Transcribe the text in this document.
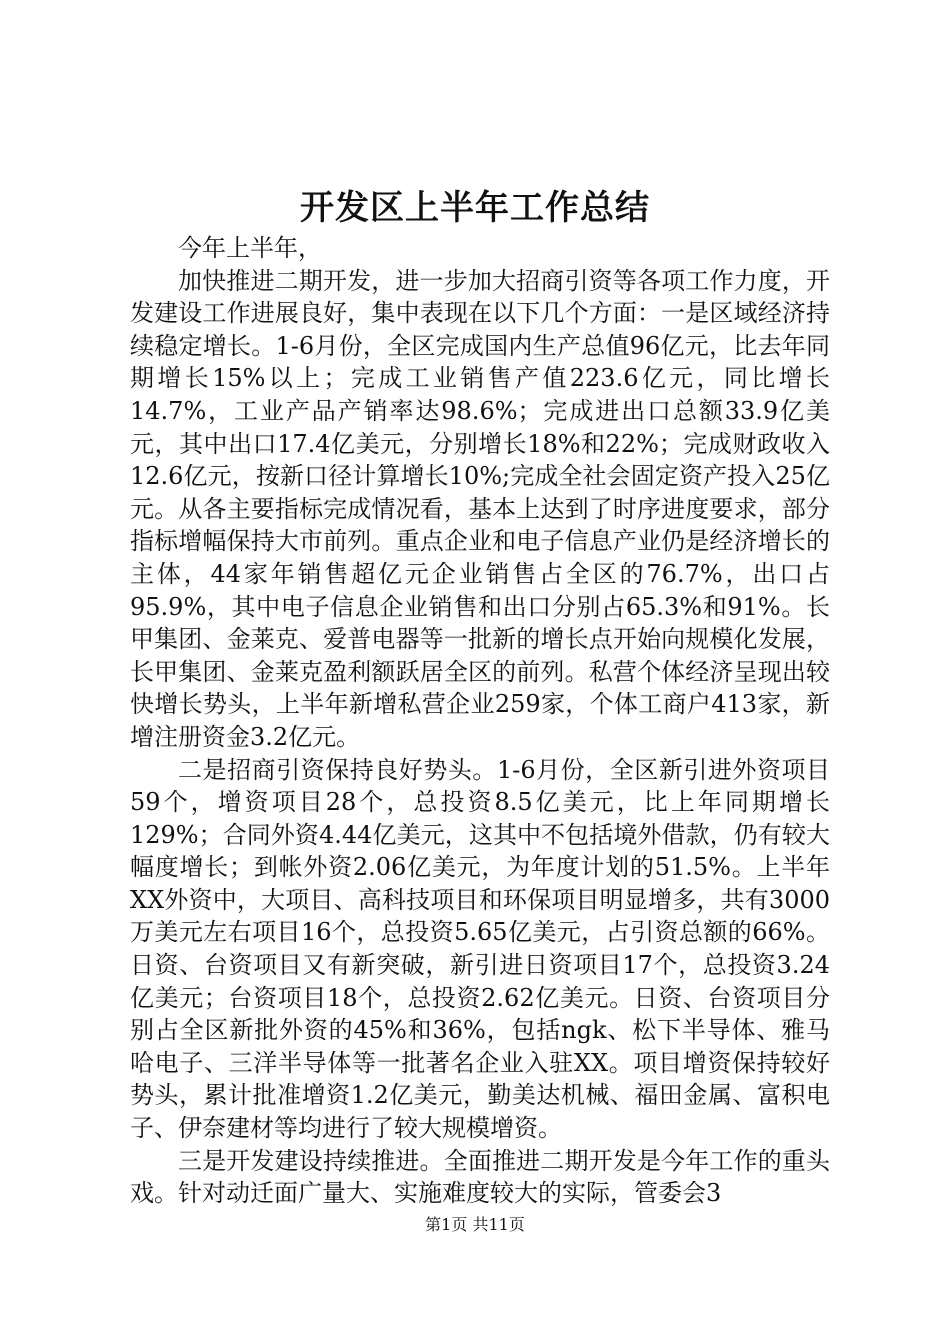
开发区上半年工作总结

今年上半年，

加快推进二期开发，进一步加大招商引资等各项工作力度，开发建设工作进展良好，集中表现在以下几个方面：一是区域经济持续稳定增长。1-6月份，全区完成国内生产总值96亿元，比去年同期增长15%以上；完成工业销售产值223.6亿元，同比增长14.7%，工业产品产销率达98.6%；完成进出口总额33.9亿美元，其中出口17.4亿美元，分别增长18%和22%；完成财政收入12.6亿元，按新口径计算增长10%;完成全社会固定资产投入25亿元。从各主要指标完成情况看，基本上达到了时序进度要求，部分指标增幅保持大市前列。重点企业和电子信息产业仍是经济增长的主体，44家年销售超亿元企业销售占全区的76.7%，出口占95.9%，其中电子信息企业销售和出口分别占65.3%和91%。长甲集团、金莱克、爱普电器等一批新的增长点开始向规模化发展，长甲集团、金莱克盈利额跃居全区的前列。私营个体经济呈现出较快增长势头，上半年新增私营企业259家，个体工商户413家，新增注册资金3.2亿元。

二是招商引资保持良好势头。1-6月份，全区新引进外资项目59个，增资项目28个，总投资8.5亿美元，比上年同期增长129%；合同外资4.44亿美元，这其中不包括境外借款，仍有较大幅度增长；到帐外资2.06亿美元，为年度计划的51.5%。上半年XX外资中，大项目、高科技项目和环保项目明显增多，共有3000万美元左右项目16个，总投资5.65亿美元，占引资总额的66%。日资、台资项目又有新突破，新引进日资项目17个，总投资3.24亿美元；台资项目18个，总投资2.62亿美元。日资、台资项目分别占全区新批外资的45%和36%，包括ngk、松下半导体、雅马哈电子、三洋半导体等一批著名企业入驻XX。项目增资保持较好势头，累计批准增资1.2亿美元，勤美达机械、福田金属、富积电子、伊奈建材等均进行了较大规模增资。

三是开发建设持续推进。全面推进二期开发是今年工作的重头戏。针对动迁面广量大、实施难度较大的实际，管委会3

第1页 共11页
